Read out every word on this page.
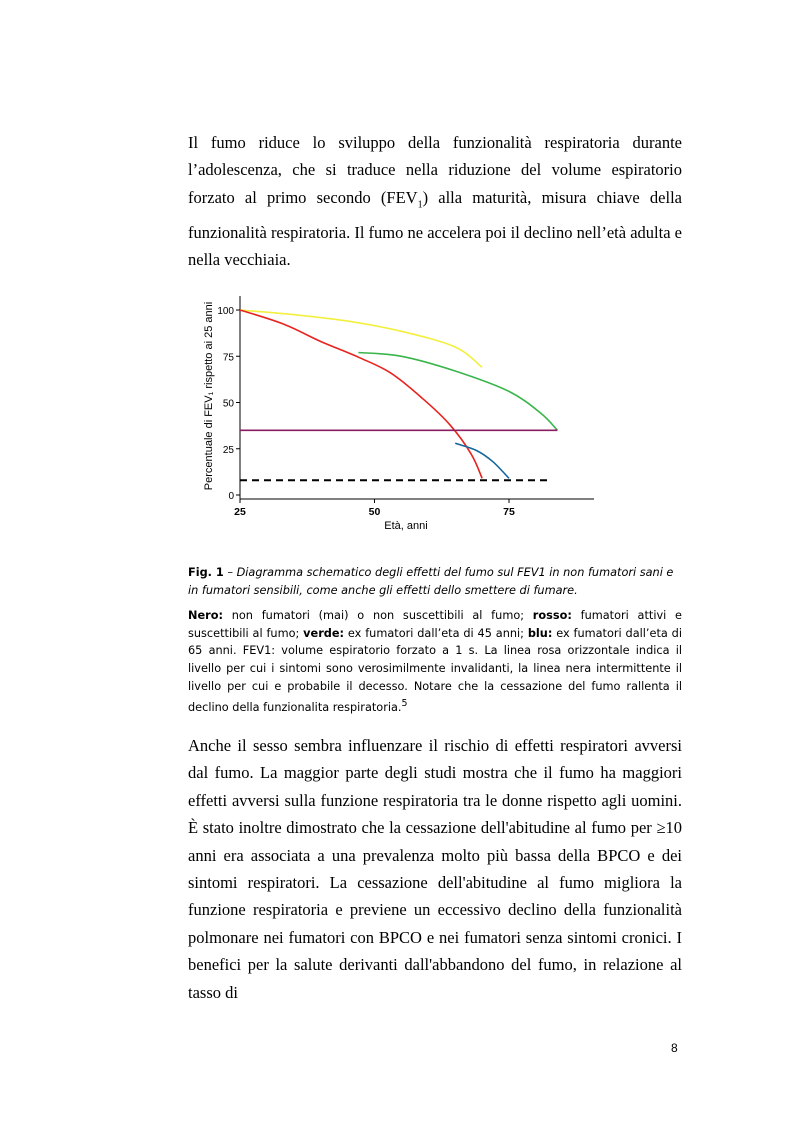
Il fumo riduce lo sviluppo della funzionalità respiratoria durante l’adolescenza, che si traduce nella riduzione del volume espiratorio forzato al primo secondo $(FEV_1)$ alla maturità, misura chiave della funzionalità respiratoria. Il fumo ne accelera poi il declino nell’età adulta e nella vecchiaia.

Percentuale di FEV₁ rispetto ai 25 anni
Età, anni
0
25
50
75
100
25	50	75

Fig. 1 – Diagramma schematico degli effetti del fumo sul FEV1 in non fumatori sani e in fumatori sensibili, come anche gli effetti dello smettere di fumare.

Nero: non fumatori (mai) o non suscettibili al fumo; rosso: fumatori attivi e suscettibili al fumo; verde: ex fumatori dall’eta di 45 anni; blu: ex fumatori dall’eta di 65 anni. FEV1: volume espiratorio forzato a 1 s. La linea rosa orizzontale indica il livello per cui i sintomi sono verosimilmente invalidanti, la linea nera intermittente il livello per cui e probabile il decesso. Notare che la cessazione del fumo rallenta il declino della funzionalita respiratoria.$^5$

Anche il sesso sembra influenzare il rischio di effetti respiratori avversi dal fumo. La maggior parte degli studi mostra che il fumo ha maggiori effetti avversi sulla funzione respiratoria tra le donne rispetto agli uomini. È stato inoltre dimostrato che la cessazione dell'abitudine al fumo per ≥10 anni era associata a una prevalenza molto più bassa della BPCO e dei sintomi respiratori. La cessazione dell'abitudine al fumo migliora la funzione respiratoria e previene un eccessivo declino della funzionalità polmonare nei fumatori con BPCO e nei fumatori senza sintomi cronici. I benefici per la salute derivanti dall'abbandono del fumo, in relazione al tasso di

8
